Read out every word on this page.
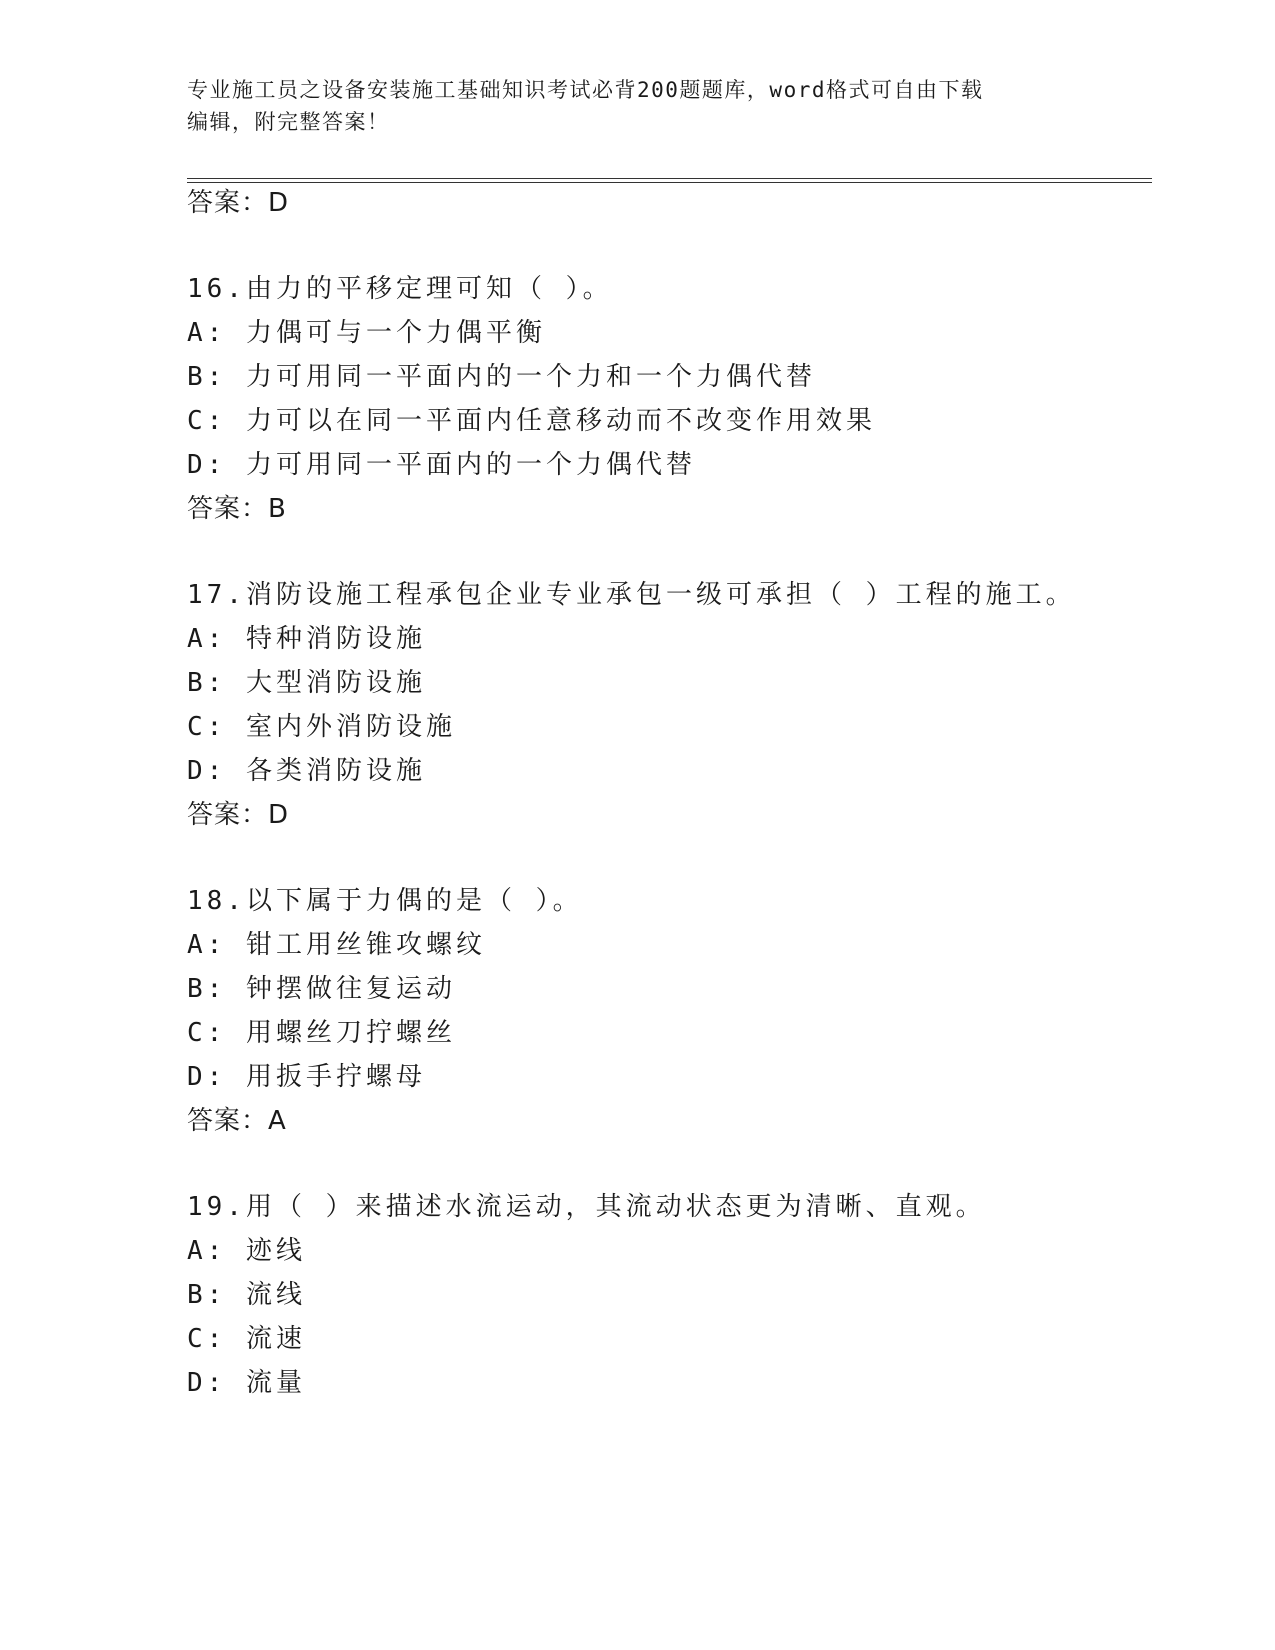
专业施工员之设备安装施工基础知识考试必背200题题库，word格式可自由下载
编辑，附完整答案！
答案：D
16.由力的平移定理可知（ ）。
A: 力偶可与一个力偶平衡
B: 力可用同一平面内的一个力和一个力偶代替
C: 力可以在同一平面内任意移动而不改变作用效果
D: 力可用同一平面内的一个力偶代替
答案：B
17.消防设施工程承包企业专业承包一级可承担（ ）工程的施工。
A: 特种消防设施
B: 大型消防设施
C: 室内外消防设施
D: 各类消防设施
答案：D
18.以下属于力偶的是（ ）。
A: 钳工用丝锥攻螺纹
B: 钟摆做往复运动
C: 用螺丝刀拧螺丝
D: 用扳手拧螺母
答案：A
19.用（ ）来描述水流运动，其流动状态更为清晰、直观。
A: 迹线
B: 流线
C: 流速
D: 流量
